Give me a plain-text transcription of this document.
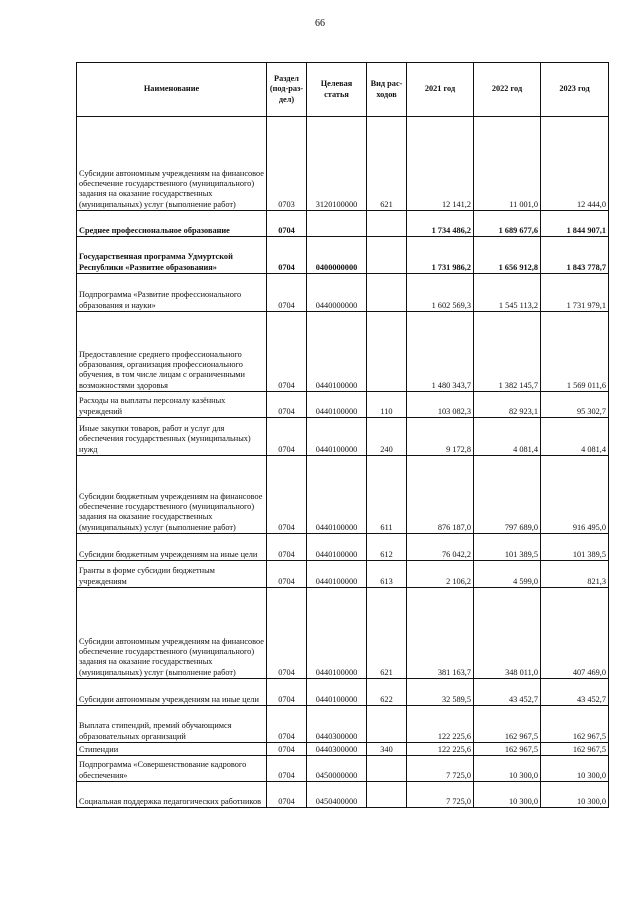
66
Наименование	Раздел (под-раз-дел)	Целевая статья	Вид рас-ходов	2021 год	2022 год	2023 год
Субсидии автономным учреждениям на финансовое обеспечение государственного (муниципального) задания на оказание государственных (муниципальных) услуг (выполнение работ)	0703	3120100000	621	12 141,2	11 001,0	12 444,0
Среднее профессиональное образование	0704			1 734 486,2	1 689 677,6	1 844 907,1
Государственная программа Удмуртской Республики «Развитие образования»	0704	0400000000		1 731 986,2	1 656 912,8	1 843 778,7
Подпрограмма «Развитие профессионального образования и науки»	0704	0440000000		1 602 569,3	1 545 113,2	1 731 979,1
Предоставление среднего профессионального образования, организация профессионального обучения, в том числе лицам с ограниченными возможностями здоровья	0704	0440100000		1 480 343,7	1 382 145,7	1 569 011,6
Расходы на выплаты персоналу казённых учреждений	0704	0440100000	110	103 082,3	82 923,1	95 302,7
Иные закупки товаров, работ и услуг для обеспечения государственных (муниципальных) нужд	0704	0440100000	240	9 172,8	4 081,4	4 081,4
Субсидии бюджетным учреждениям на финансовое обеспечение государственного (муниципального) задания на оказание государственных (муниципальных) услуг (выполнение работ)	0704	0440100000	611	876 187,0	797 689,0	916 495,0
Субсидии бюджетным учреждениям на иные цели	0704	0440100000	612	76 042,2	101 389,5	101 389,5
Гранты в форме субсидии бюджетным учреждениям	0704	0440100000	613	2 106,2	4 599,0	821,3
Субсидии автономным учреждениям на финансовое обеспечение государственного (муниципального) задания на оказание государственных (муниципальных) услуг (выполнение работ)	0704	0440100000	621	381 163,7	348 011,0	407 469,0
Субсидии автономным учреждениям на иные цели	0704	0440100000	622	32 589,5	43 452,7	43 452,7
Выплата стипендий, премий обучающимся образовательных организаций	0704	0440300000		122 225,6	162 967,5	162 967,5
Стипендии	0704	0440300000	340	122 225,6	162 967,5	162 967,5
Подпрограмма «Совершенствование кадрового обеспечения»	0704	0450000000		7 725,0	10 300,0	10 300,0
Социальная поддержка педагогических работников	0704	0450400000		7 725,0	10 300,0	10 300,0
